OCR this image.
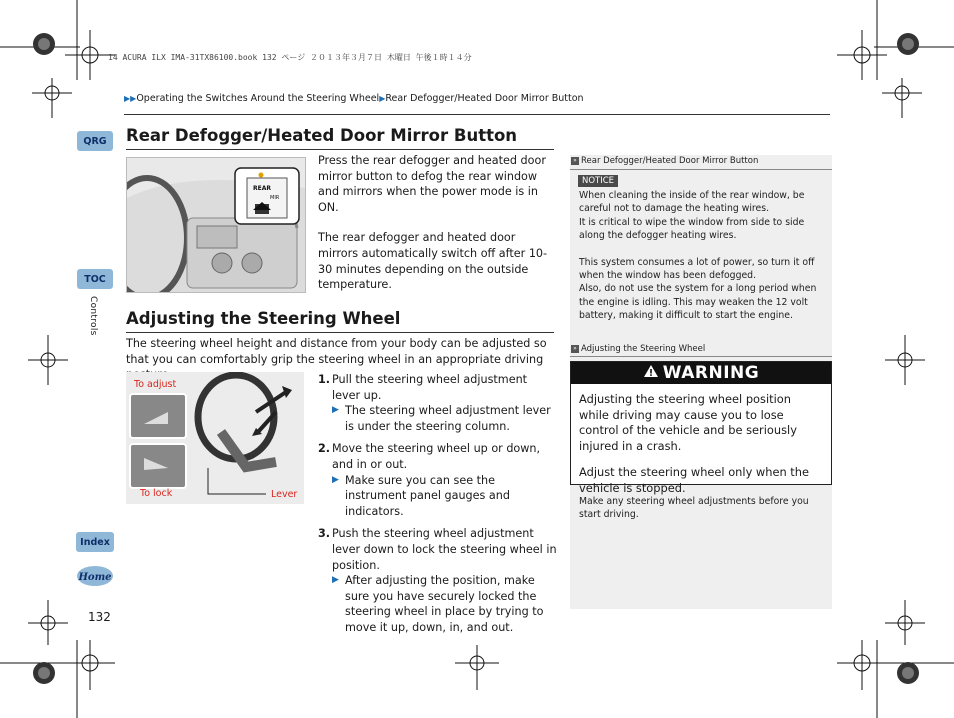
14 ACURA ILX IMA-31TX86100.book 132 ページ ２０１３年３月７日 木曜日 午後１時１４分
▶▶Operating the Switches Around the Steering Wheel▶Rear Defogger/Heated Door Mirror Button
QRG
TOC
Controls
Index
Home
132
Rear Defogger/Heated Door Mirror Button
REAR
MIR

Press the rear defogger and heated door mirror button to defog the rear window and mirrors when the power mode is in ON.

The rear defogger and heated door mirrors automatically switch off after 10-30 minutes depending on the outside temperature.

Adjusting the Steering Wheel

The steering wheel height and distance from your body can be adjusted so that you can comfortably grip the steering wheel in an appropriate driving

To adjust
To lock	Lever
1. Pull the steering wheel adjustment lever up.
▶ The steering wheel adjustment lever is under the steering column.
2. Move the steering wheel up or down, and in or out.
▶ Make sure you can see the instrument panel gauges and indicators.
3. Push the steering wheel adjustment lever down to lock the steering wheel in position.
▶ After adjusting the position, make sure you have securely locked the steering wheel in place by trying to move it up, down, in, and out.
» Rear Defogger/Heated Door Mirror Button
NOTICE

When cleaning the inside of the rear window, be careful not to damage the heating wires.

It is critical to wipe the window from side to side along the defogger heating wires.

This system consumes a lot of power, so turn it off when the window has been defogged.

Also, do not use the system for a long period when the engine is idling. This may weaken the 12 volt battery, making it difficult to start the engine.

» Adjusting the Steering Wheel
WARNING

Adjusting the steering wheel position while driving may cause you to lose control of the vehicle and be seriously injured in a crash.

Adjust the steering wheel only when the vehicle is stopped.

Make any steering wheel adjustments before you start driving.
